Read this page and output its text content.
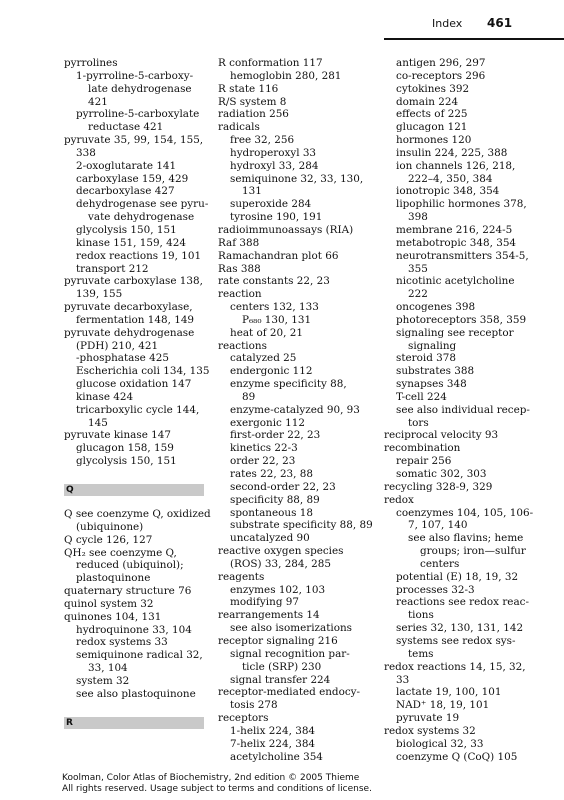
Index 461
pyrrolines
1-pyrroline-5-carboxy-
late dehydrogenase
421
pyrroline-5-carboxylate
reductase 421
pyruvate 35, 99, 154, 155,
338
2-oxoglutarate 141
carboxylase 159, 429
decarboxylase 427
dehydrogenase see pyru-
vate dehydrogenase
glycolysis 150, 151
kinase 151, 159, 424
redox reactions 19, 101
transport 212
pyruvate carboxylase 138,
139, 155
pyruvate decarboxylase,
fermentation 148, 149
pyruvate dehydrogenase
(PDH) 210, 421
-phosphatase 425
Escherichia coli 134, 135
glucose oxidation 147
kinase 424
tricarboxylic cycle 144,
145
pyruvate kinase 147
glucagon 158, 159
glycolysis 150, 151
Q
Q see coenzyme Q, oxidized
(ubiquinone)
Q cycle 126, 127
QH₂ see coenzyme Q,
reduced (ubiquinol);
plastoquinone
quaternary structure 76
quinol system 32
quinones 104, 131
hydroquinone 33, 104
redox systems 33
semiquinone radical 32,
33, 104
system 32
see also plastoquinone
R
R conformation 117
hemoglobin 280, 281
R state 116
R/S system 8
radiation 256
radicals
free 32, 256
hydroperoxyl 33
hydroxyl 33, 284
semiquinone 32, 33, 130,
131
superoxide 284
tyrosine 190, 191
radioimmunoassays (RIA)
Raf 388
Ramachandran plot 66
Ras 388
rate constants 22, 23
reaction
centers 132, 133
P₆₈₀ 130, 131
heat of 20, 21
reactions
catalyzed 25
endergonic 112
enzyme specificity 88,
89
enzyme-catalyzed 90, 93
exergonic 112
first-order 22, 23
kinetics 22-3
order 22, 23
rates 22, 23, 88
second-order 22, 23
specificity 88, 89
spontaneous 18
substrate specificity 88, 89
uncatalyzed 90
reactive oxygen species
(ROS) 33, 284, 285
reagents
enzymes 102, 103
modifying 97
rearrangements 14
see also isomerizations
receptor signaling 216
signal recognition par-
ticle (SRP) 230
signal transfer 224
receptor-mediated endocy-
tosis 278
receptors
1-helix 224, 384
7-helix 224, 384
acetylcholine 354
antigen 296, 297
co-receptors 296
cytokines 392
domain 224
effects of 225
glucagon 121
hormones 120
insulin 224, 225, 388
ion channels 126, 218,
222–4, 350, 384
ionotropic 348, 354
lipophilic hormones 378,
398
membrane 216, 224-5
metabotropic 348, 354
neurotransmitters 354-5,
355
nicotinic acetylcholine
222
oncogenes 398
photoreceptors 358, 359
signaling see receptor
signaling
steroid 378
substrates 388
synapses 348
T-cell 224
see also individual recep-
tors
reciprocal velocity 93
recombination
repair 256
somatic 302, 303
recycling 328-9, 329
redox
coenzymes 104, 105, 106-
7, 107, 140
see also flavins; heme
groups; iron—sulfur
centers
potential (E) 18, 19, 32
processes 32-3
reactions see redox reac-
tions
series 32, 130, 131, 142
systems see redox sys-
tems
redox reactions 14, 15, 32,
33
lactate 19, 100, 101
NAD⁺ 18, 19, 101
pyruvate 19
redox systems 32
biological 32, 33
coenzyme Q (CoQ) 105
Koolman, Color Atlas of Biochemistry, 2nd edition © 2005 Thieme
All rights reserved. Usage subject to terms and conditions of license.
